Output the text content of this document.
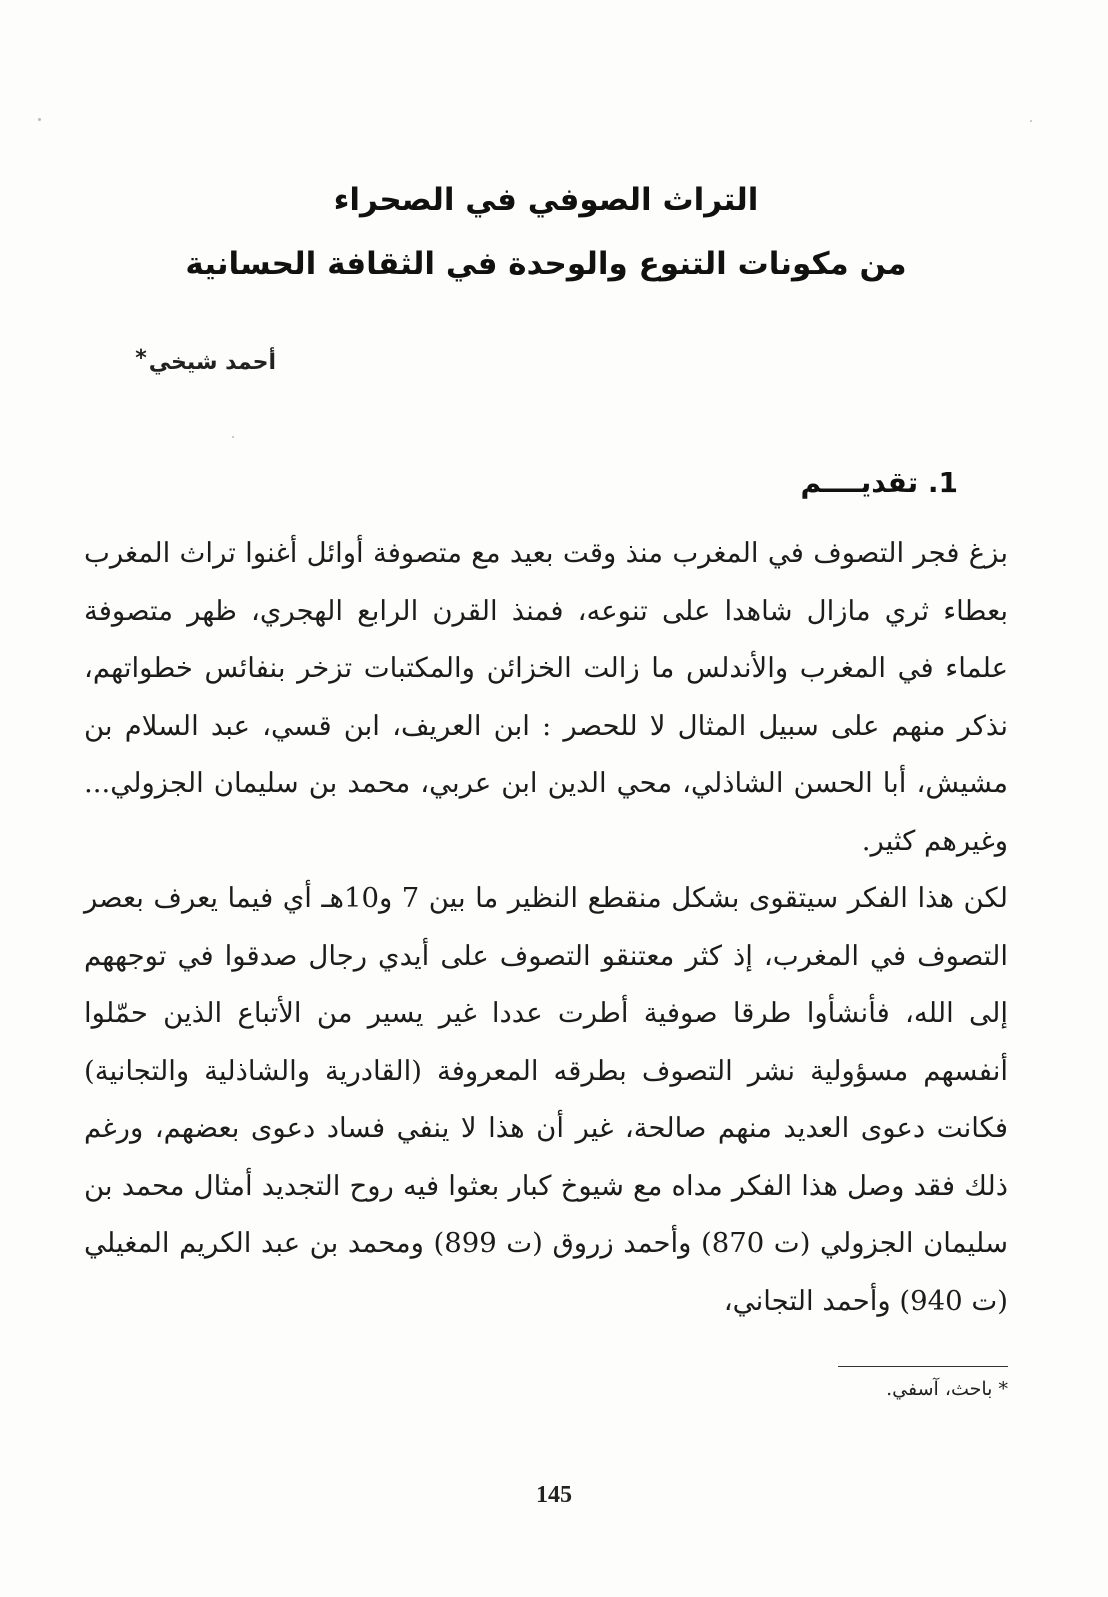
التراث الصوفي في الصحراء
من مكونات التنوع والوحدة في الثقافة الحسانية
أحمد شيخي*
1. تقديــــم

بزغ فجر التصوف في المغرب منذ وقت بعيد مع متصوفة أوائل أغنوا تراث المغرب بعطاء ثري مازال شاهدا على تنوعه، فمنذ القرن الرابع الهجري، ظهر متصوفة علماء في المغرب والأندلس ما زالت الخزائن والمكتبات تزخر بنفائس خطواتهم، نذكر منهم على سبيل المثال لا للحصر : ابن العريف، ابن قسي، عبد السلام بن مشيش، أبا الحسن الشاذلي، محي الدين ابن عربي، محمد بن سليمان الجزولي... وغيرهم كثير.

لكن هذا الفكر سيتقوى بشكل منقطع النظير ما بين 7 و10هـ أي فيما يعرف بعصر التصوف في المغرب، إذ كثر معتنقو التصوف على أيدي رجال صدقوا في توجههم إلى الله، فأنشأوا طرقا صوفية أطرت عددا غير يسير من الأتباع الذين حمّلوا أنفسهم مسؤولية نشر التصوف بطرقه المعروفة (القادرية والشاذلية والتجانية) فكانت دعوى العديد منهم صالحة، غير أن هذا لا ينفي فساد دعوى بعضهم، ورغم ذلك فقد وصل هذا الفكر مداه مع شيوخ كبار بعثوا فيه روح التجديد أمثال محمد بن سليمان الجزولي (ت 870) وأحمد زروق (ت 899) ومحمد بن عبد الكريم المغيلي (ت 940) وأحمد التجاني،

* باحث، آسفي.
145
